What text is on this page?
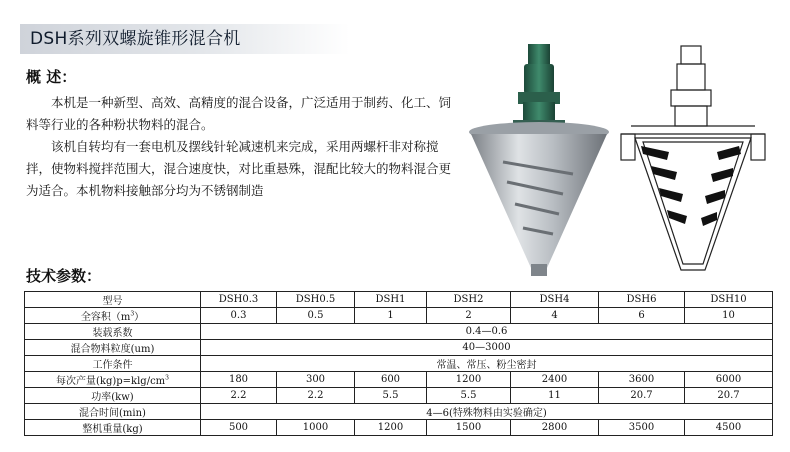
DSH系列双螺旋锥形混合机
概 述：

本机是一种新型、高效、高精度的混合设备，广泛适用于制药、化工、饲料等行业的各种粉状物料的混合。

该机自转均有一套电机及摆线针轮减速机来完成，采用两螺杆非对称搅拌，使物料搅拌范围大，混合速度快，对比重悬殊，混配比较大的物料混合更为适合。本机物料接触部分均为不锈钢制造

技术参数：
型号	DSH0.3	DSH0.5	DSH1	DSH2	DSH4	DSH6	DSH10
全容积$(m^3)$	0.3	0.5	1	2	4	6	10
装载系数	0.4—0.6						
混合物料粒度(um)	40—3000						
工作条件	常温、常压、粉尘密封						
每次产量$(kg)p=klg/cm^3$	180	300	600	1200	2400	3600	6000
功率(kw)	2.2	2.2	5.5	5.5	11	20.7	20.7
混合时间(min)	4—6(特殊物料由实验确定)						
整机重量(kg)	500	1000	1200	1500	2800	3500	4500
